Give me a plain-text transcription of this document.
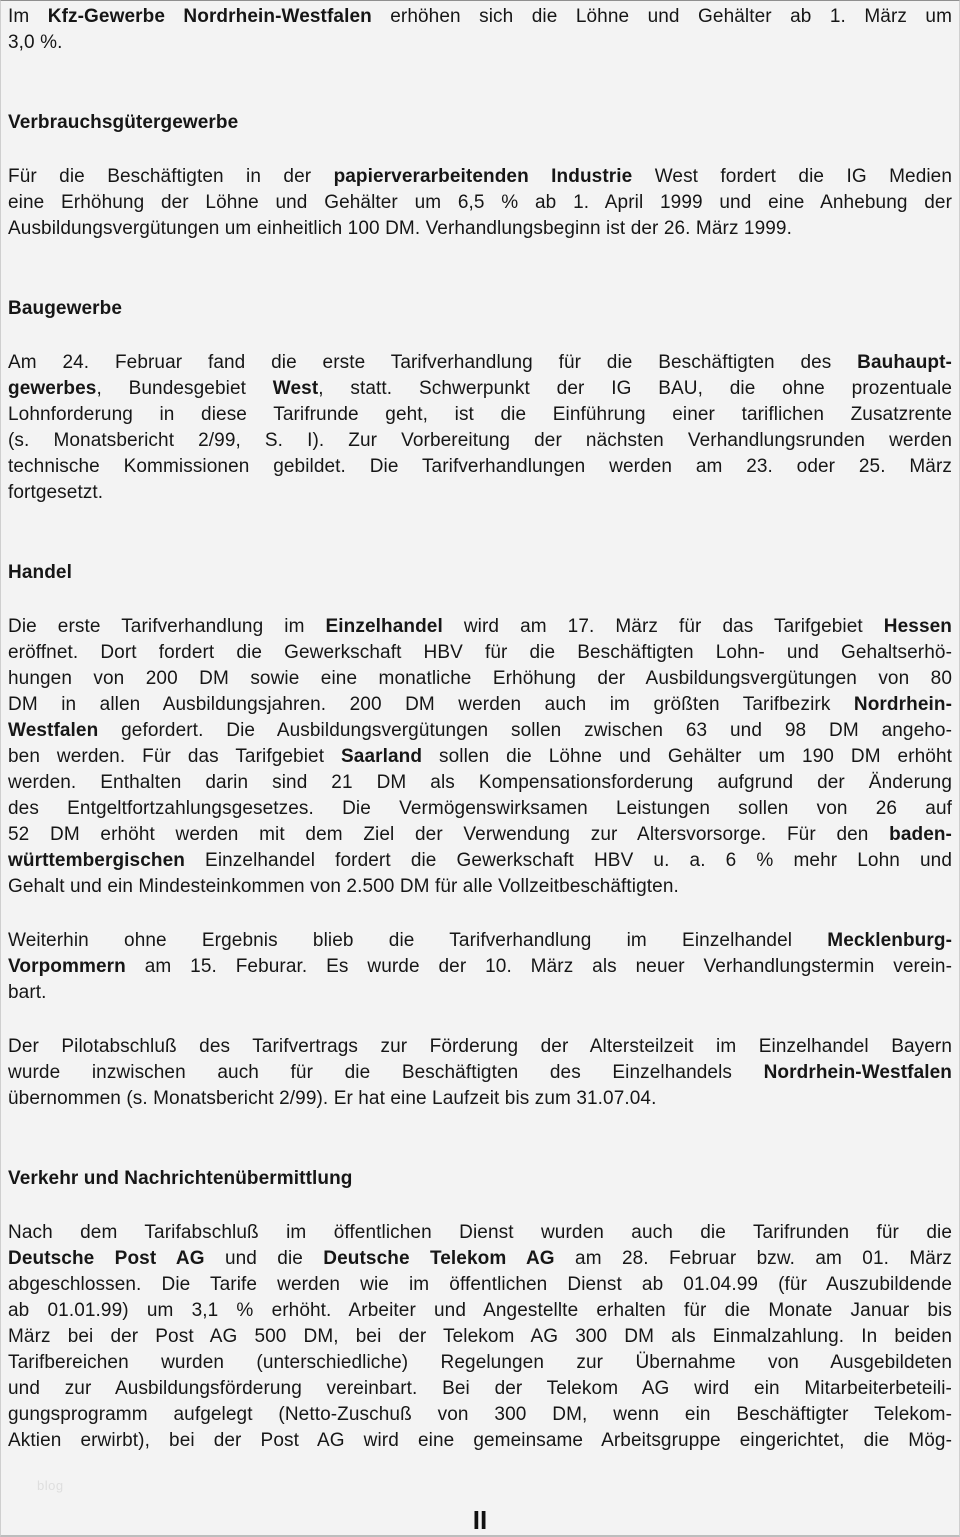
Im Kfz-Gewerbe Nordrhein-Westfalen erhöhen sich die Löhne und Gehälter ab 1. März um
3,0 %.
Verbrauchsgütergewerbe
Für die Beschäftigten in der papierverarbeitenden Industrie West fordert die IG Medien
eine Erhöhung der Löhne und Gehälter um 6,5 % ab 1. April 1999 und eine Anhebung der
Ausbildungsvergütungen um einheitlich 100 DM. Verhandlungsbeginn ist der 26. März 1999.
Baugewerbe
Am 24. Februar fand die erste Tarifverhandlung für die Beschäftigten des Bauhaupt-
gewerbes, Bundesgebiet West, statt. Schwerpunkt der IG BAU, die ohne prozentuale
Lohnforderung in diese Tarifrunde geht, ist die Einführung einer tariflichen Zusatzrente
(s. Monatsbericht 2/99, S. I). Zur Vorbereitung der nächsten Verhandlungsrunden werden
technische Kommissionen gebildet. Die Tarifverhandlungen werden am 23. oder 25. März
fortgesetzt.
Handel
Die erste Tarifverhandlung im Einzelhandel wird am 17. März für das Tarifgebiet Hessen
eröffnet. Dort fordert die Gewerkschaft HBV für die Beschäftigten Lohn- und Gehaltserhö-
hungen von 200 DM sowie eine monatliche Erhöhung der Ausbildungsvergütungen von 80
DM in allen Ausbildungsjahren. 200 DM werden auch im größten Tarifbezirk Nordrhein-
Westfalen gefordert. Die Ausbildungsvergütungen sollen zwischen 63 und 98 DM angeho-
ben werden. Für das Tarifgebiet Saarland sollen die Löhne und Gehälter um 190 DM erhöht
werden. Enthalten darin sind 21 DM als Kompensationsforderung aufgrund der Änderung
des Entgeltfortzahlungsgesetzes. Die Vermögenswirksamen Leistungen sollen von 26 auf
52 DM erhöht werden mit dem Ziel der Verwendung zur Altersvorsorge. Für den baden-
württembergischen Einzelhandel fordert die Gewerkschaft HBV u. a. 6 % mehr Lohn und
Gehalt und ein Mindesteinkommen von 2.500 DM für alle Vollzeitbeschäftigten.
Weiterhin ohne Ergebnis blieb die Tarifverhandlung im Einzelhandel Mecklenburg-
Vorpommern am 15. Feburar. Es wurde der 10. März als neuer Verhandlungstermin verein-
bart.
Der Pilotabschluß des Tarifvertrags zur Förderung der Altersteilzeit im Einzelhandel Bayern
wurde inzwischen auch für die Beschäftigten des Einzelhandels Nordrhein-Westfalen
übernommen (s. Monatsbericht 2/99). Er hat eine Laufzeit bis zum 31.07.04.
Verkehr und Nachrichtenübermittlung
Nach dem Tarifabschluß im öffentlichen Dienst wurden auch die Tarifrunden für die
Deutsche Post AG und die Deutsche Telekom AG am 28. Februar bzw. am 01. März
abgeschlossen. Die Tarife werden wie im öffentlichen Dienst ab 01.04.99 (für Auszubildende
ab 01.01.99) um 3,1 % erhöht. Arbeiter und Angestellte erhalten für die Monate Januar bis
März bei der Post AG 500 DM, bei der Telekom AG 300 DM als Einmalzahlung. In beiden
Tarifbereichen wurden (unterschiedliche) Regelungen zur Übernahme von Ausgebildeten
und zur Ausbildungsförderung vereinbart. Bei der Telekom AG wird ein Mitarbeiterbeteili-
gungsprogramm aufgelegt (Netto-Zuschuß von 300 DM, wenn ein Beschäftigter Telekom-
Aktien erwirbt), bei der Post AG wird eine gemeinsame Arbeitsgruppe eingerichtet, die Mög-
blog
II
